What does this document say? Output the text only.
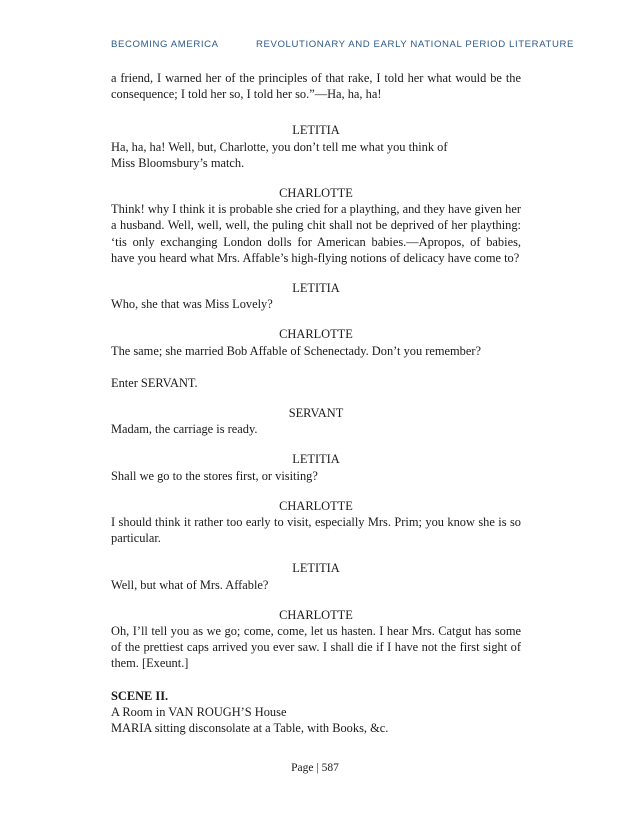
BECOMING AMERICA	REVOLUTIONARY AND EARLY NATIONAL PERIOD LITERATURE

a friend, I warned her of the principles of that rake, I told her what would be the consequence; I told her so, I told her so.”—Ha, ha, ha!

LETITIA

Ha, ha, ha! Well, but, Charlotte, you don’t tell me what you think of

Miss Bloomsbury’s match.

CHARLOTTE

Think! why I think it is probable she cried for a plaything, and they have given her a husband. Well, well, well, the puling chit shall not be deprived of her plaything: ‘tis only exchanging London dolls for American babies.—Apropos, of babies, have you heard what Mrs. Affable’s high-flying notions of delicacy have come to?

LETITIA

Who, she that was Miss Lovely?

CHARLOTTE

The same; she married Bob Affable of Schenectady. Don’t you remember?

Enter SERVANT.

SERVANT

Madam, the carriage is ready.

LETITIA

Shall we go to the stores first, or visiting?

CHARLOTTE

I should think it rather too early to visit, especially Mrs. Prim; you know she is so particular.

LETITIA

Well, but what of Mrs. Affable?

CHARLOTTE

Oh, I’ll tell you as we go; come, come, let us hasten. I hear Mrs. Catgut has some of the prettiest caps arrived you ever saw. I shall die if I have not the first sight of them. [Exeunt.]

SCENE II.

A Room in VAN ROUGH’S House

MARIA sitting disconsolate at a Table, with Books, &c.

Page | 587
